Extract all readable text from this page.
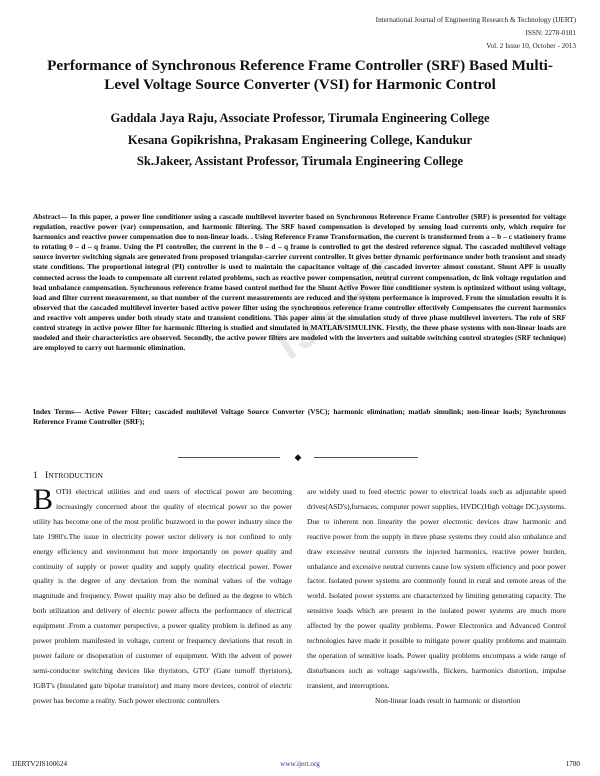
International Journal of Engineering Research & Technology (IJERT)
ISSN: 2278-0181
Vol. 2 Issue 10, October - 2013
Performance of Synchronous Reference Frame Controller (SRF) Based Multi-Level Voltage Source Converter (VSI) for Harmonic Control
Gaddala Jaya Raju, Associate Professor, Tirumala Engineering College
Kesana Gopikrishna, Prakasam Engineering College, Kandukur
Sk.Jakeer, Assistant Professor, Tirumala Engineering College
IJERT
Abstract— In this paper, a power line conditioner using a cascade multilevel inverter based on Synchronous Reference Frame Controller (SRF) is presented for voltage regulation, reactive power (var) compensation, and harmonic filtering. The SRF based compensation is developed by sensing load currents only, which require for harmonics and reactive power compensation due to non-linear loads. . Using Reference Frame Transformation, the current is transformed from a – b – c stationery frame to rotating 0 – d – q frame. Using the PI controller, the current in the 0 – d – q frame is controlled to get the desired reference signal. The cascaded multilevel voltage source inverter switching signals are generated from proposed triangular-carrier current controller. It gives better dynamic performance under both transient and steady state conditions. The proportional integral (PI) controller is used to maintain the capacitance voltage of the cascaded inverter almost constant. Shunt APF is usually connected across the loads to compensate all current related problems, such as reactive power compensation, neutral current compensation, dc link voltage regulation and load unbalance compensation. Synchronous reference frame based control method for the Shunt Active Power line conditioner system is optimized without using voltage, load and filter current measurement, so that number of the current measurements are reduced and the system performance is improved. From the simulation results it is observed that the cascaded multilevel inverter based active power filter using the synchronous reference frame controller effectively Compensates the current harmonics and reactive volt amperes under both steady state and transient conditions. This paper aims at the simulation study of three phase multilevel inverters. The role of SRF control strategy in active power filter for harmonic filtering is studied and simulated in MATLAB/SIMULINK. Firstly, the three phase systems with non-linear loads are modeled and their characteristics are observed. Secondly, the active power filters are modeled with the inverters and suitable switching control strategies (SRF technique) are employed to carry out harmonic elimination.
Index Terms— Active Power Filter; cascaded multilevel Voltage Source Converter (VSC); harmonic elimination; matlab simulink; non-linear loads; Synchronous Reference Frame Controller (SRF);
◆
1 INTRODUCTION
BOTH electrical utilities and end users of electrical power are becoming increasingly concerned about the quality of electrical power so the power utility has become one of the most prolific buzzword in the power industry since the late 1980's.The issue in electricity power sector delivery is not confined to only energy efficiency and environment but more importantly on power quality and continuity of supply or power quality and supply quality electrical power. Power quality is the degree of any deviation from the nominal values of the voltage magnitude and frequency. Power quality may also be defined as the degree to which both utilization and delivery of electric power affects the performance of electrical equipment .From a customer perspective, a power quality problem is defined as any power problem manifested in voltage, current or frequency deviations that result in power failure or disoperation of customer of equipment. With the advent of power semi-conductor switching devices like thyristors, GTO' (Gate turnoff thyristors), IGBT's (Insulated gate bipolar transistor) and many more devices, control of electric power has become a reality. Such power electronic controllers
are widely used to feed electric power to electrical loads such as adjustable speed drives(ASD's),furnaces, computer power supplies, HVDC(High voltage DC),systems. Due to inherent non linearity the power electronic devices draw harmonic and reactive power from the supply in three phase systems they could also unbalance and draw excessive neutral currents the injected harmonics, reactive power burden, unbalance and excessive neutral currents cause low system efficiency and poor power factor. Isolated power systems are commonly found in rural and remote areas of the world. Isolated power systems are characterized by limiting generating capacity. The sensitive loads which are present in the isolated power systems are much more affected by the power quality problems. Power Electronics and Advanced Control technologies have made it possible to mitigate power quality problems and maintain the operation of sensitive loads. Power quality problems encompass a wide range of disturbances such as voltage sags/swells, flickers, harmonics distortion, impulse transient, and interruptions.
Non-linear loads result in harmonic or distortion
IJERTV2IS100624	www.ijert.org	1780
